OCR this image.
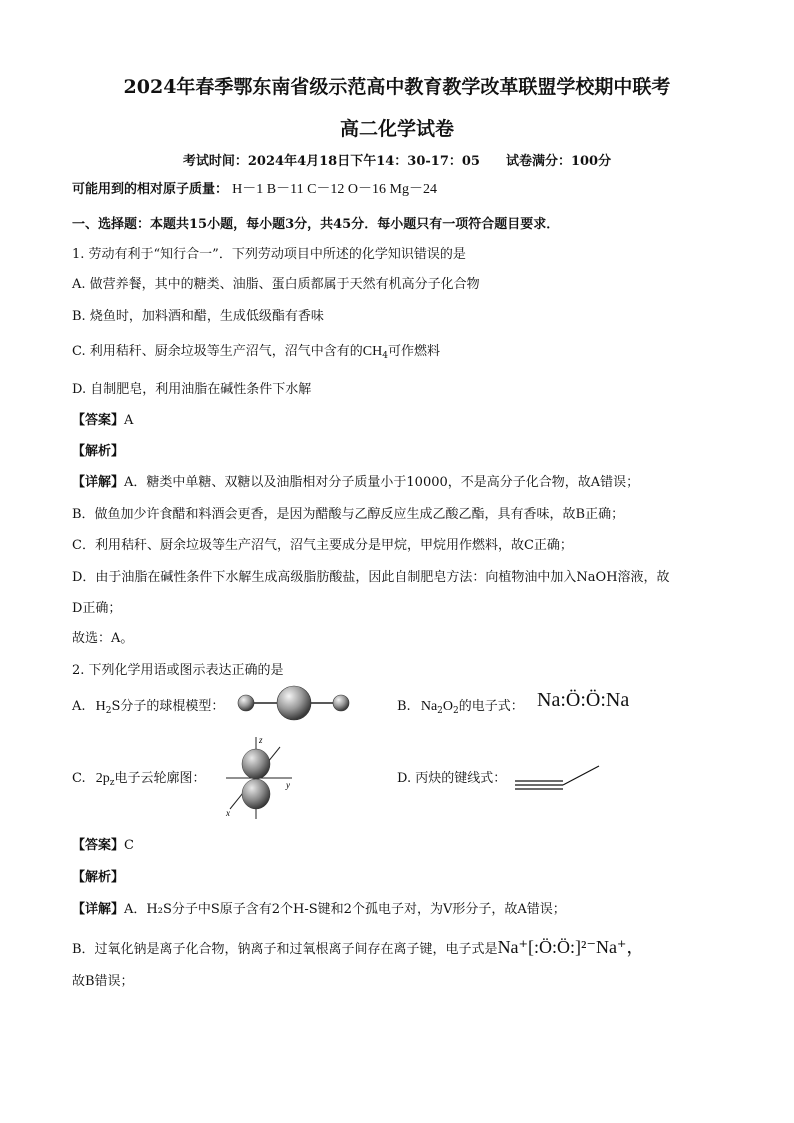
2024年春季鄂东南省级示范高中教育教学改革联盟学校期中联考
高二化学试卷
考试时间：2024年4月18日下午14：30-17：05　　试卷满分：100分
可能用到的相对原子质量： H－1 B－11 C－12 O－16 Mg－24
一、选择题：本题共15小题，每小题3分，共45分．每小题只有一项符合题目要求．
1. 劳动有利于“知行合一”．下列劳动项目中所述的化学知识错误的是
A. 做营养餐，其中的糖类、油脂、蛋白质都属于天然有机高分子化合物
B. 烧鱼时，加料酒和醋，生成低级酯有香味
C. 利用秸秆、厨余垃圾等生产沼气，沼气中含有的$CH_4$可作燃料
D. 自制肥皂，利用油脂在碱性条件下水解
【答案】A
【解析】
【详解】A．糖类中单糖、双糖以及油脂相对分子质量小于10000，不是高分子化合物，故A错误；
B．做鱼加少许食醋和料酒会更香，是因为醋酸与乙醇反应生成乙酸乙酯，具有香味，故B正确；
C．利用秸秆、厨余垃圾等生产沼气，沼气主要成分是甲烷，甲烷用作燃料，故C正确；
D．由于油脂在碱性条件下水解生成高级脂肪酸盐，因此自制肥皂方法：向植物油中加入NaOH溶液，故
D正确；
故选：A。
2. 下列化学用语或图示表达正确的是
A. $H_2S$分子的球棍模型：	B. $Na_2O_2$的电子式： Na:Ö:Ö:Na
C. $2p_z$电子云轮廓图：
z
y
x
D. 丙炔的键线式：
【答案】C
【解析】
【详解】A．H₂S分子中S原子含有2个H-S键和2个孤电子对，为V形分子，故A错误；
B．过氧化钠是离子化合物，钠离子和过氧根离子间存在离子键，电子式是Na⁺[:Ö:Ö:]²⁻Na⁺，
故B错误；
